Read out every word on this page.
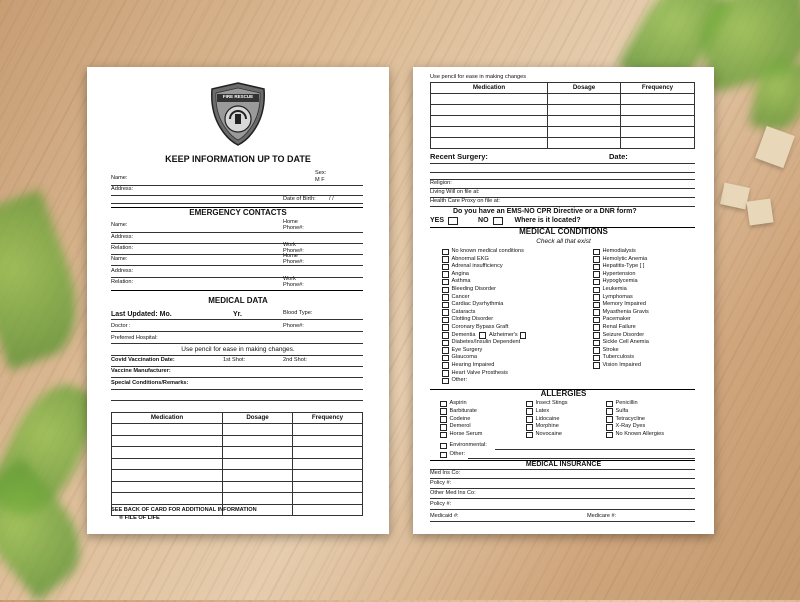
FIRE RESCUE
KEEP INFORMATION UP TO DATE
Name:
Sex:
M F
Address:
Date of Birth: / /
EMERGENCY CONTACTS
Name:	Home Phone#:
Address:
Relation:	Work Phone#:
Name:	Home Phone#:
Address:
Relation:	Work Phone#:
MEDICAL DATA
Last Updated: Mo.	Yr.	Blood Type:
Doctor :	Phone#:
Preferred Hospital:
Use pencil for ease in making changes.
Covid Vaccination Date:	1st Shot:	2nd Shot:
Vaccine Manufacturer:
Special Conditions/Remarks:
Medication	Dosage	Frequency

SEE BACK OF CARD FOR ADDITIONAL INFORMATION
® FILE OF LIFE
Use pencil for ease in making changes
Medication	Dosage	Frequency

Recent Surgery:	Date:
Religion:
Living Will on file at:
Health Care Proxy on file at:
Do you have an EMS-NO CPR Directive or a DNR form?
YES	NO	Where is it located?
MEDICAL CONDITIONS
Check all that exist
No known medical conditions
Abnormal EKG
Adrenal insufficiency
Angina
Asthma
Bleeding Disorder
Cancer
Cardiac Dysrhythmia
Cataracts
Clotting Disorder
Coronary Bypass Graft
Dementia Alzheimer's
Diabetes/Insulin Dependent
Eye Surgery
Glaucoma
Hearing Impaired
Heart Valve Prosthesis
Other:
Hemodialysis
Hemolytic Anemia
Hepatitis-Type [ ]
Hypertension
Hypoglycemia
Leukemia
Lymphomas
Memory Impaired
Myasthenia Gravis
Pacemaker
Renal Failure
Seizure Disorder
Sickle Cell Anemia
Stroke
Tuberculosis
Vision Impaired
ALLERGIES
Aspirin
Barbiturate
Codeine
Demerol
Horse Serum
Insect Stings
Latex
Lidocaine
Morphine
Novocaine
Penicillin
Sulfa
Tetracycline
X-Ray Dyes
No Known Allergies
Environmental:
Other:
MEDICAL INSURANCE
Med Ins Co:
Policy #:
Other Med Ins Co:
Policy #:
Medicaid #:	Medicare #:
